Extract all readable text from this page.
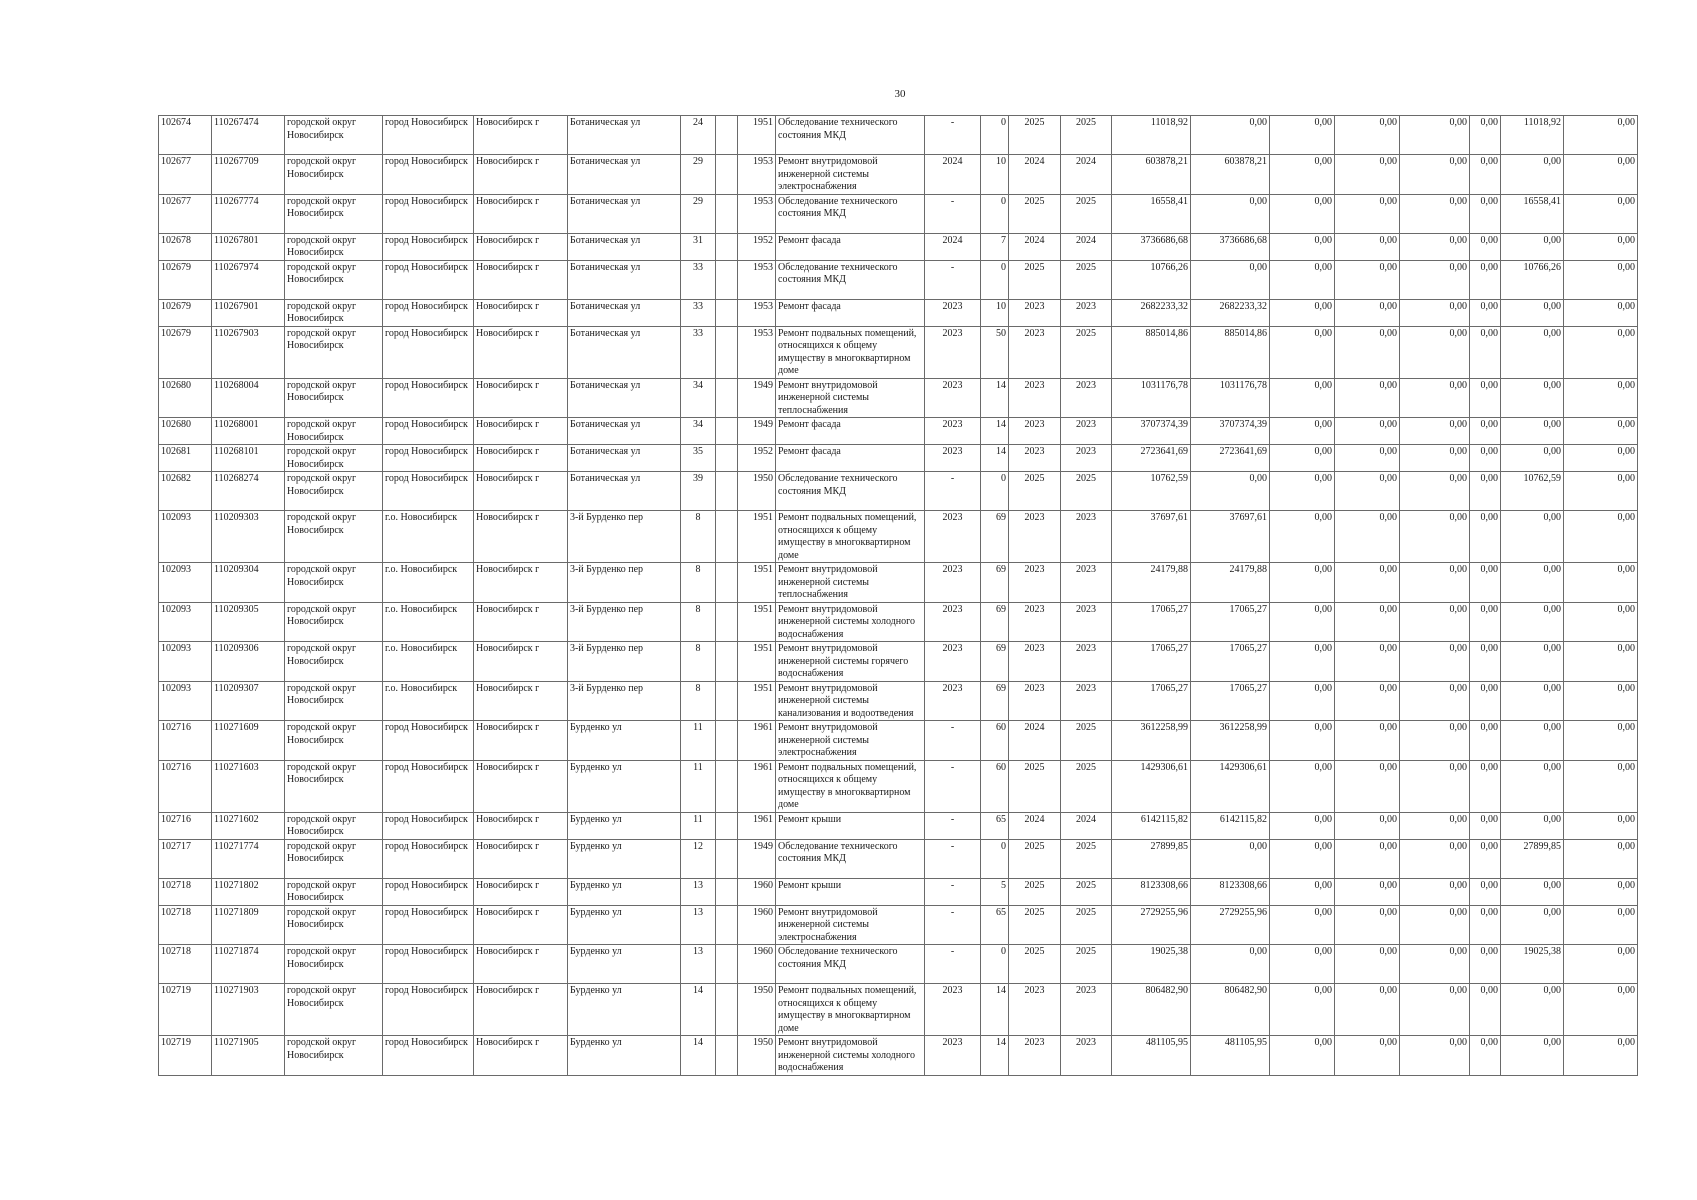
30
102674	110267474	городской округ Новосибирск	город Новосибирск	Новосибирск г	Ботаническая ул	24		1951	Обследование технического состояния МКД	-	0	2025	2025	11018,92	0,00	0,00	0,00	0,00	0,00	11018,92	0,00
102677	110267709	городской округ Новосибирск	город Новосибирск	Новосибирск г	Ботаническая ул	29		1953	Ремонт внутридомовой инженерной системы электроснабжения	2024	10	2024	2024	603878,21	603878,21	0,00	0,00	0,00	0,00	0,00	0,00
102677	110267774	городской округ Новосибирск	город Новосибирск	Новосибирск г	Ботаническая ул	29		1953	Обследование технического состояния МКД	-	0	2025	2025	16558,41	0,00	0,00	0,00	0,00	0,00	16558,41	0,00
102678	110267801	городской округ Новосибирск	город Новосибирск	Новосибирск г	Ботаническая ул	31		1952	Ремонт фасада	2024	7	2024	2024	3736686,68	3736686,68	0,00	0,00	0,00	0,00	0,00	0,00
102679	110267974	городской округ Новосибирск	город Новосибирск	Новосибирск г	Ботаническая ул	33		1953	Обследование технического состояния МКД	-	0	2025	2025	10766,26	0,00	0,00	0,00	0,00	0,00	10766,26	0,00
102679	110267901	городской округ Новосибирск	город Новосибирск	Новосибирск г	Ботаническая ул	33		1953	Ремонт фасада	2023	10	2023	2023	2682233,32	2682233,32	0,00	0,00	0,00	0,00	0,00	0,00
102679	110267903	городской округ Новосибирск	город Новосибирск	Новосибирск г	Ботаническая ул	33		1953	Ремонт подвальных помещений, относящихся к общему имуществу в многоквартирном доме	2023	50	2023	2025	885014,86	885014,86	0,00	0,00	0,00	0,00	0,00	0,00
102680	110268004	городской округ Новосибирск	город Новосибирск	Новосибирск г	Ботаническая ул	34		1949	Ремонт внутридомовой инженерной системы теплоснабжения	2023	14	2023	2023	1031176,78	1031176,78	0,00	0,00	0,00	0,00	0,00	0,00
102680	110268001	городской округ Новосибирск	город Новосибирск	Новосибирск г	Ботаническая ул	34		1949	Ремонт фасада	2023	14	2023	2023	3707374,39	3707374,39	0,00	0,00	0,00	0,00	0,00	0,00
102681	110268101	городской округ Новосибирск	город Новосибирск	Новосибирск г	Ботаническая ул	35		1952	Ремонт фасада	2023	14	2023	2023	2723641,69	2723641,69	0,00	0,00	0,00	0,00	0,00	0,00
102682	110268274	городской округ Новосибирск	город Новосибирск	Новосибирск г	Ботаническая ул	39		1950	Обследование технического состояния МКД	-	0	2025	2025	10762,59	0,00	0,00	0,00	0,00	0,00	10762,59	0,00
102093	110209303	городской округ Новосибирск	г.о. Новосибирск	Новосибирск г	3-й Бурденко пер	8		1951	Ремонт подвальных помещений, относящихся к общему имуществу в многоквартирном доме	2023	69	2023	2023	37697,61	37697,61	0,00	0,00	0,00	0,00	0,00	0,00
102093	110209304	городской округ Новосибирск	г.о. Новосибирск	Новосибирск г	3-й Бурденко пер	8		1951	Ремонт внутридомовой инженерной системы теплоснабжения	2023	69	2023	2023	24179,88	24179,88	0,00	0,00	0,00	0,00	0,00	0,00
102093	110209305	городской округ Новосибирск	г.о. Новосибирск	Новосибирск г	3-й Бурденко пер	8		1951	Ремонт внутридомовой инженерной системы холодного водоснабжения	2023	69	2023	2023	17065,27	17065,27	0,00	0,00	0,00	0,00	0,00	0,00
102093	110209306	городской округ Новосибирск	г.о. Новосибирск	Новосибирск г	3-й Бурденко пер	8		1951	Ремонт внутридомовой инженерной системы горячего водоснабжения	2023	69	2023	2023	17065,27	17065,27	0,00	0,00	0,00	0,00	0,00	0,00
102093	110209307	городской округ Новосибирск	г.о. Новосибирск	Новосибирск г	3-й Бурденко пер	8		1951	Ремонт внутридомовой инженерной системы канализования и водоотведения	2023	69	2023	2023	17065,27	17065,27	0,00	0,00	0,00	0,00	0,00	0,00
102716	110271609	городской округ Новосибирск	город Новосибирск	Новосибирск г	Бурденко ул	11		1961	Ремонт внутридомовой инженерной системы электроснабжения	-	60	2024	2025	3612258,99	3612258,99	0,00	0,00	0,00	0,00	0,00	0,00
102716	110271603	городской округ Новосибирск	город Новосибирск	Новосибирск г	Бурденко ул	11		1961	Ремонт подвальных помещений, относящихся к общему имуществу в многоквартирном доме	-	60	2025	2025	1429306,61	1429306,61	0,00	0,00	0,00	0,00	0,00	0,00
102716	110271602	городской округ Новосибирск	город Новосибирск	Новосибирск г	Бурденко ул	11		1961	Ремонт крыши	-	65	2024	2024	6142115,82	6142115,82	0,00	0,00	0,00	0,00	0,00	0,00
102717	110271774	городской округ Новосибирск	город Новосибирск	Новосибирск г	Бурденко ул	12		1949	Обследование технического состояния МКД	-	0	2025	2025	27899,85	0,00	0,00	0,00	0,00	0,00	27899,85	0,00
102718	110271802	городской округ Новосибирск	город Новосибирск	Новосибирск г	Бурденко ул	13		1960	Ремонт крыши	-	5	2025	2025	8123308,66	8123308,66	0,00	0,00	0,00	0,00	0,00	0,00
102718	110271809	городской округ Новосибирск	город Новосибирск	Новосибирск г	Бурденко ул	13		1960	Ремонт внутридомовой инженерной системы электроснабжения	-	65	2025	2025	2729255,96	2729255,96	0,00	0,00	0,00	0,00	0,00	0,00
102718	110271874	городской округ Новосибирск	город Новосибирск	Новосибирск г	Бурденко ул	13		1960	Обследование технического состояния МКД	-	0	2025	2025	19025,38	0,00	0,00	0,00	0,00	0,00	19025,38	0,00
102719	110271903	городской округ Новосибирск	город Новосибирск	Новосибирск г	Бурденко ул	14		1950	Ремонт подвальных помещений, относящихся к общему имуществу в многоквартирном доме	2023	14	2023	2023	806482,90	806482,90	0,00	0,00	0,00	0,00	0,00	0,00
102719	110271905	городской округ Новосибирск	город Новосибирск	Новосибирск г	Бурденко ул	14		1950	Ремонт внутридомовой инженерной системы холодного водоснабжения	2023	14	2023	2023	481105,95	481105,95	0,00	0,00	0,00	0,00	0,00	0,00
